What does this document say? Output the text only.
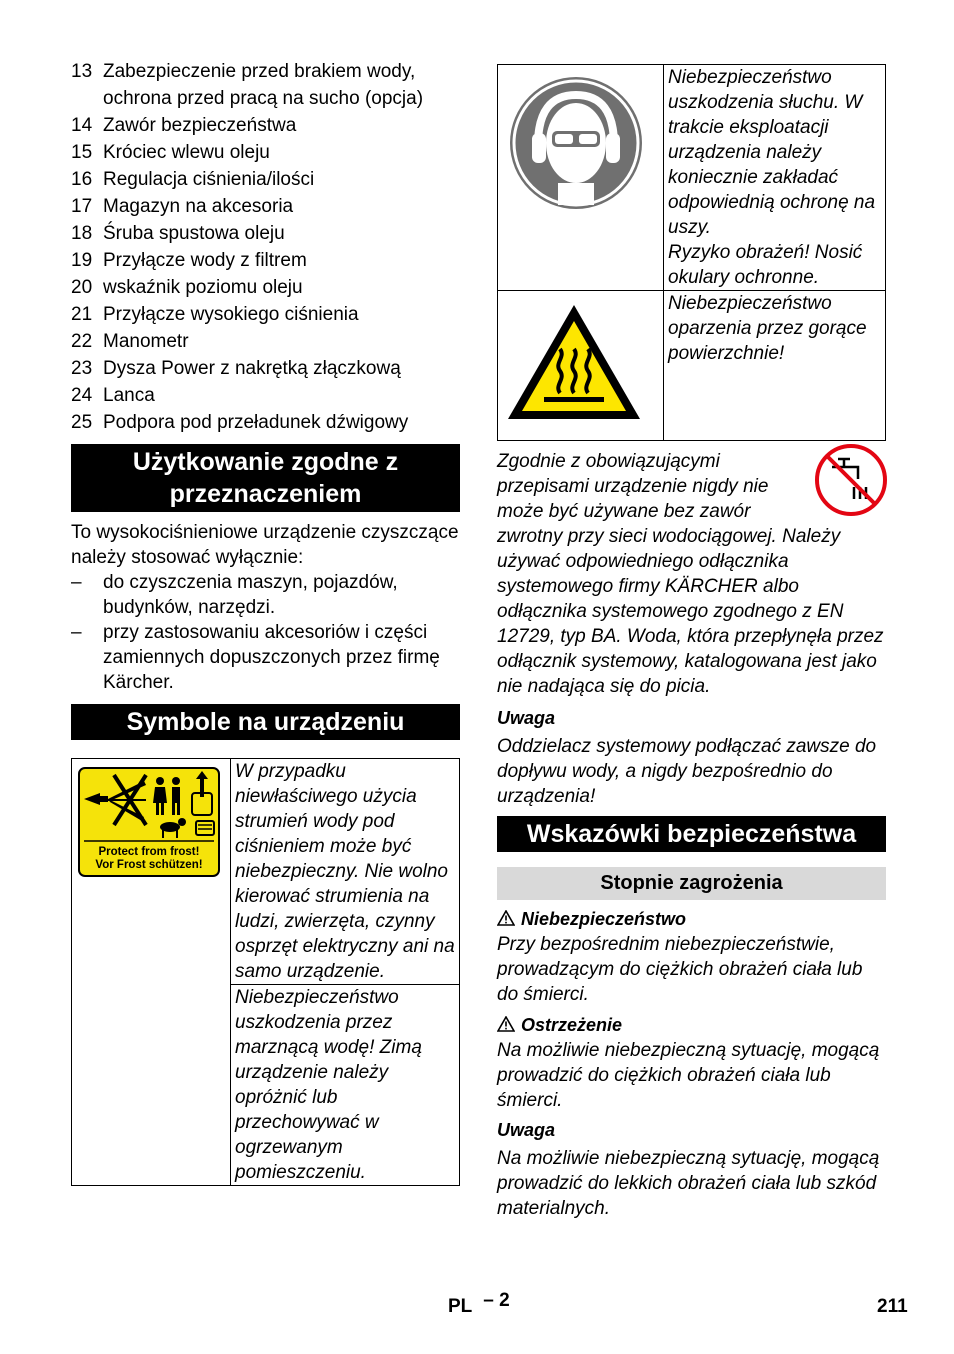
13 Zabezpieczenie przed brakiem wody, ochrona przed pracą na sucho (opcja)
14 Zawór bezpieczeństwa
15 Króciec wlewu oleju
16 Regulacja ciśnienia/ilości
17 Magazyn na akcesoria
18 Śruba spustowa oleju
19 Przyłącze wody z filtrem
20 wskaźnik poziomu oleju
21 Przyłącze wysokiego ciśnienia
22 Manometr
23 Dysza Power z nakrętką złączkową
24 Lanca
25 Podpora pod przeładunek dźwigowy
Użytkowanie zgodne z przeznaczeniem

To wysokociśnieniowe urządzenie czyszczące należy stosować wyłącznie:

–	do czyszczenia maszyn, pojazdów, budynków, narzędzi.
–	przy zastosowaniu akcesoriów i części zamiennych dopuszczonych przez firmę Kärcher.
Symbole na urządzeniu
Protect from frost!
Vor Frost schützen!
	W przypadku niewłaściwego użycia strumień wody pod ciśnieniem może być niebezpieczny. Nie wolno kierować strumienia na ludzi, zwierzęta, czynny osprzęt elektryczny ani na samo urządzenie.
Niebezpieczeństwo uszkodzenia przez marznącą wodę! Zimą urządzenie należy opróżnić lub przechowywać w ogrzewanym pomieszczeniu.

Niebezpieczeństwo uszkodzenia słuchu. W trakcie eksploatacji urządzenia należy koniecznie zakładać odpowiednią ochronę na uszy.

Ryzyko obrażeń! Nosić okulary ochronne.

	Niebezpieczeństwo oparzenia przez gorące powierzchnie!

Zgodnie z obowiązującymi przepisami urządzenie nigdy nie może być używane bez zawór zwrotny przy sieci wodociągowej. Należy używać odpowiedniego odłącznika systemowego firmy KÄRCHER albo odłącznika systemowego zgodnego z EN 12729, typ BA. Woda, która przepłynęła przez odłącznik systemowy, katalogowana jest jako nie nadająca się do picia.

Uwaga

Oddzielacz systemowy podłączać zawsze do dopływu wody, a nigdy bezpośrednio do urządzenia!

Wskazówki bezpieczeństwa
Stopnie zagrożenia

Niebezpieczeństwo

Przy bezpośrednim niebezpieczeństwie, prowadzącym do ciężkich obrażeń ciała lub do śmierci.

Ostrzeżenie

Na możliwie niebezpieczną sytuację, mogącą prowadzić do ciężkich obrażeń ciała lub śmierci.

Uwaga

Na możliwie niebezpieczną sytuację, mogącą prowadzić do lekkich obrażeń ciała lub szkód materialnych.

PL – 2	211
